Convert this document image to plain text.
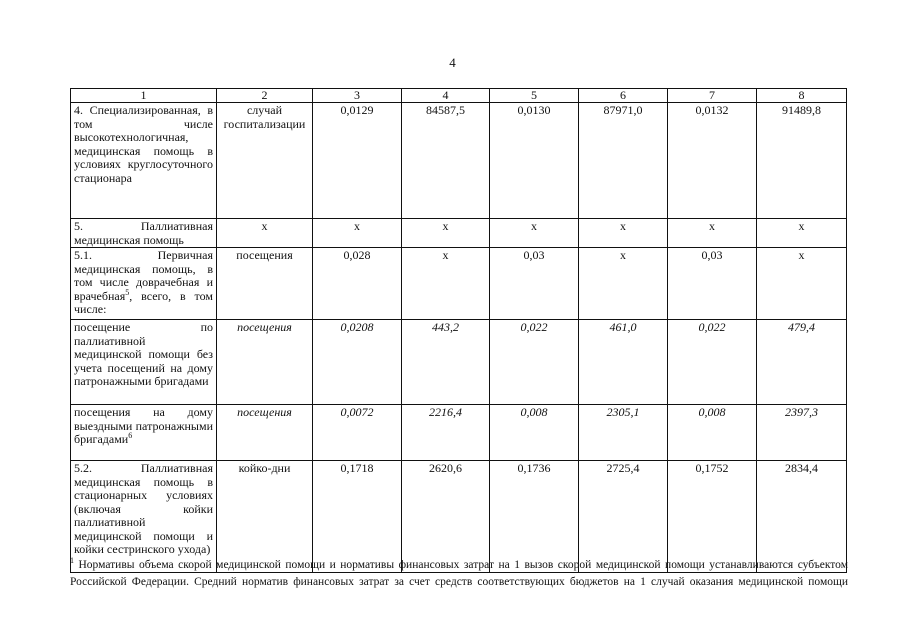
4
1	2	3	4	5	6	7	8
4. Специализированная, в том числе высокотехнологичная, медицинская помощь в условиях круглосуточного стационара	случай госпитализации	0,0129	84587,5	0,0130	87971,0	0,0132	91489,8
5. Паллиативная медицинская помощь	х	х	х	х	х	х	х
5.1. Первичная медицинская помощь, в том числе доврачебная и врачебная$^5$, всего, в том числе:	посещения	0,028	х	0,03	х	0,03	х
посещение по паллиативной медицинской помощи без учета посещений на дому патронажными бригадами	посещения	0,0208	443,2	0,022	461,0	0,022	479,4
посещения на дому выездными патронажными бригадами$^6$	посещения	0,0072	2216,4	0,008	2305,1	0,008	2397,3
5.2. Паллиативная медицинская помощь в стационарных условиях (включая койки паллиативной медицинской помощи и койки сестринского ухода)	койко-дни	0,1718	2620,6	0,1736	2725,4	0,1752	2834,4

$^1$ Нормативы объема скорой медицинской помощи и нормативы финансовых затрат на 1 вызов скорой медицинской помощи устанавливаются субъектом

Российской Федерации. Средний норматив финансовых затрат за счет средств соответствующих бюджетов на 1 случай оказания медицинской помощи
